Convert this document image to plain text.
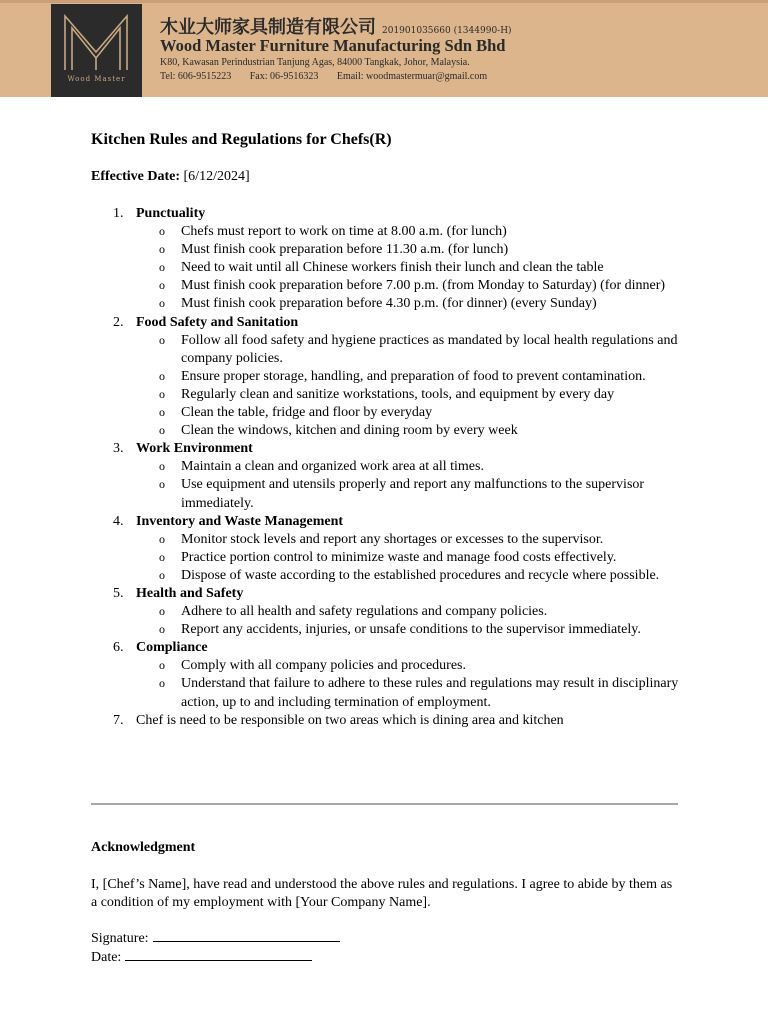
Wood Master
木业大师家具制造有限公司 201901035660 (1344990-H)
Wood Master Furniture Manufacturing Sdn Bhd
K80, Kawasan Perindustrian Tanjung Agas, 84000 Tangkak, Johor, Malaysia.
Tel: 606-9515223 Fax: 06-9516323 Email: woodmastermuar@gmail.com
Kitchen Rules and Regulations for Chefs(R)
Effective Date: [6/12/2024]
1. Punctuality
o Chefs must report to work on time at 8.00 a.m. (for lunch)
o Must finish cook preparation before 11.30 a.m. (for lunch)
o Need to wait until all Chinese workers finish their lunch and clean the table
o Must finish cook preparation before 7.00 p.m. (from Monday to Saturday) (for dinner)
o Must finish cook preparation before 4.30 p.m. (for dinner) (every Sunday)
2. Food Safety and Sanitation
o Follow all food safety and hygiene practices as mandated by local health regulations and company policies.
o Ensure proper storage, handling, and preparation of food to prevent contamination.
o Regularly clean and sanitize workstations, tools, and equipment by every day
o Clean the table, fridge and floor by everyday
o Clean the windows, kitchen and dining room by every week
3. Work Environment
o Maintain a clean and organized work area at all times.
o Use equipment and utensils properly and report any malfunctions to the supervisor immediately.
4. Inventory and Waste Management
o Monitor stock levels and report any shortages or excesses to the supervisor.
o Practice portion control to minimize waste and manage food costs effectively.
o Dispose of waste according to the established procedures and recycle where possible.
5. Health and Safety
o Adhere to all health and safety regulations and company policies.
o Report any accidents, injuries, or unsafe conditions to the supervisor immediately.
6. Compliance
o Comply with all company policies and procedures.
o Understand that failure to adhere to these rules and regulations may result in disciplinary action, up to and including termination of employment.
7. Chef is need to be responsible on two areas which is dining area and kitchen
Acknowledgment
I, [Chef’s Name], have read and understood the above rules and regulations. I agree to abide by them as a condition of my employment with [Your Company Name].
Signature:
Date:
